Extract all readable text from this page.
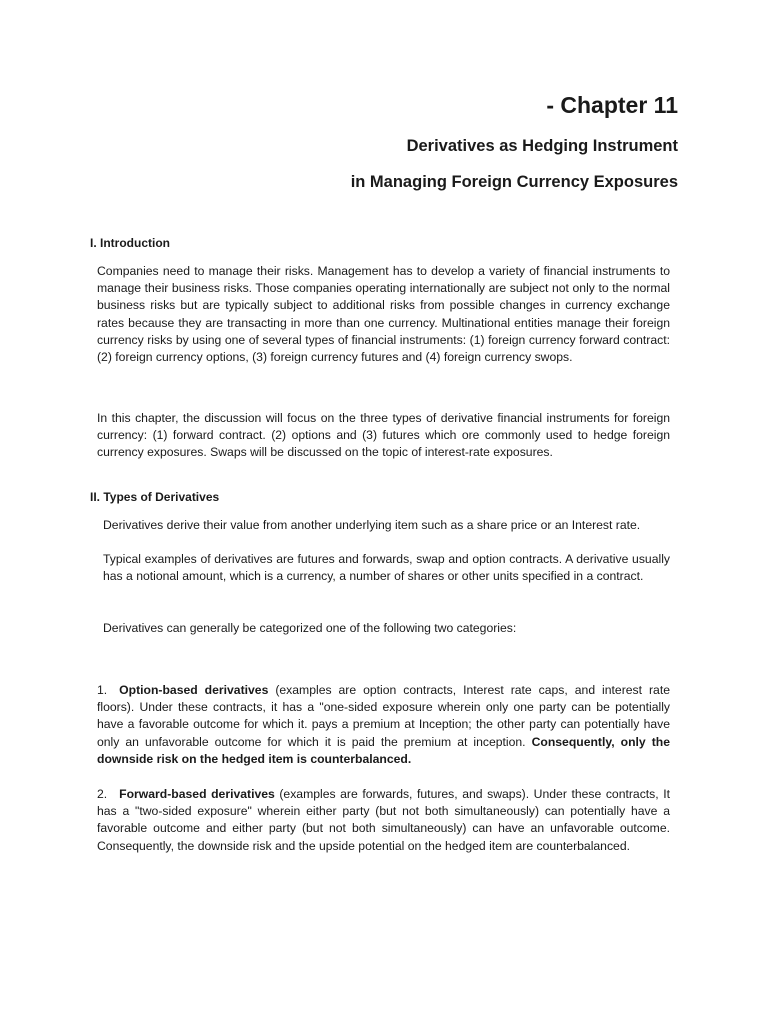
- Chapter 11
Derivatives as Hedging Instrument
in Managing Foreign Currency Exposures
I. Introduction

Companies need to manage their risks. Management has to develop a variety of financial instruments to manage their business risks. Those companies operating internationally are subject not only to the normal business risks but are typically subject to additional risks from possible changes in currency exchange rates because they are transacting in more than one currency. Multinational entities manage their foreign currency risks by using one of several types of financial instruments: (1) foreign currency forward contract: (2) foreign currency options, (3) foreign currency futures and (4) foreign currency swops.

In this chapter, the discussion will focus on the three types of derivative financial instruments for foreign currency: (1) forward contract. (2) options and (3) futures which ore commonly used to hedge foreign currency exposures. Swaps will be discussed on the topic of interest-rate exposures.

II. Types of Derivatives

Derivatives derive their value from another underlying item such as a share price or an Interest rate.

Typical examples of derivatives are futures and forwards, swap and option contracts. A derivative usually has a notional amount, which is a currency, a number of shares or other units specified in a contract.

Derivatives can generally be categorized one of the following two categories:

1. Option-based derivatives (examples are option contracts, Interest rate caps, and interest rate floors). Under these contracts, it has a "one-sided exposure wherein only one party can be potentially have a favorable outcome for which it. pays a premium at Inception; the other party can potentially have only an unfavorable outcome for which it is paid the premium at inception. Consequently, only the downside risk on the hedged item is counterbalanced.

2. Forward-based derivatives (examples are forwards, futures, and swaps). Under these contracts, It has a "two-sided exposure" wherein either party (but not both simultaneously) can potentially have a favorable outcome and either party (but not both simultaneously) can have an unfavorable outcome. Consequently, the downside risk and the upside potential on the hedged item are counterbalanced.
